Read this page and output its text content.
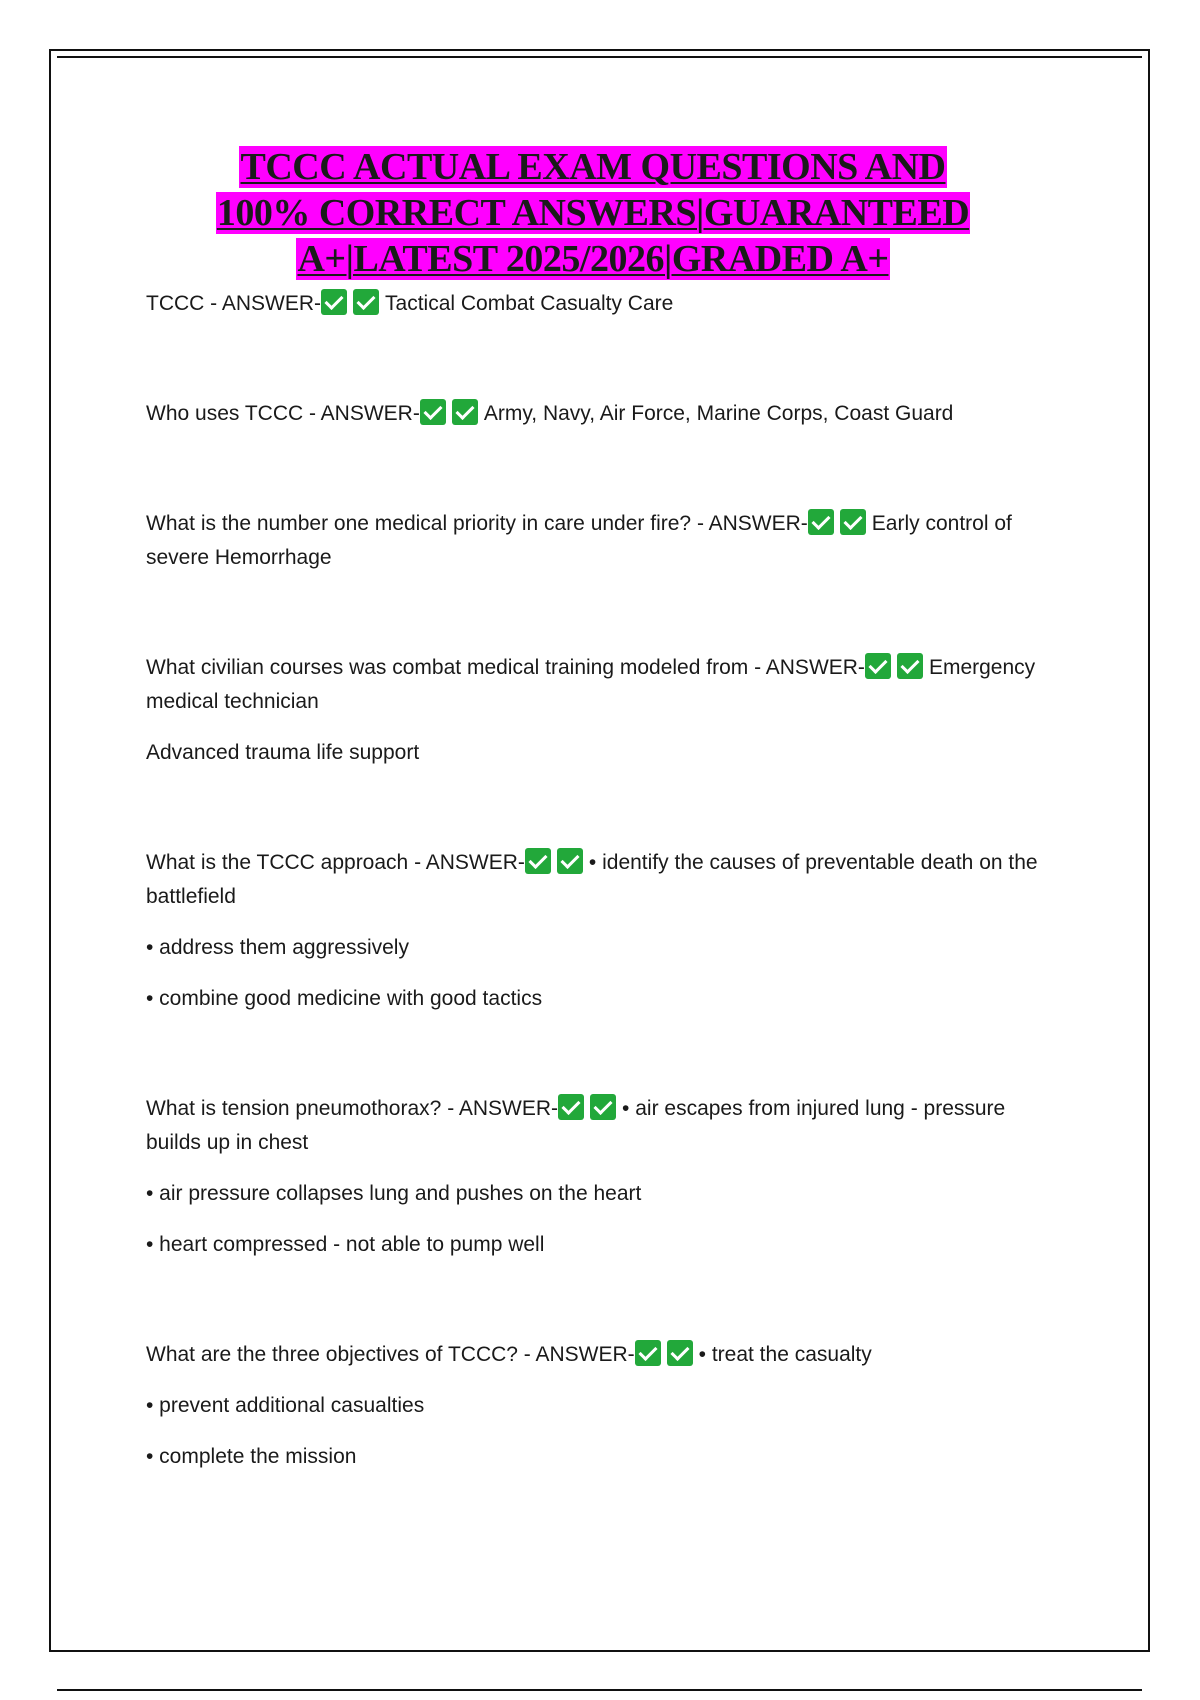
TCCC ACTUAL EXAM QUESTIONS AND
100% CORRECT ANSWERS|GUARANTEED
A+|LATEST 2025/2026|GRADED A+

TCCC - ANSWER-	Tactical Combat Casualty Care

Who uses TCCC - ANSWER-	Army, Navy, Air Force, Marine Corps, Coast Guard

What is the number one medical priority in care under fire? - ANSWER-	Early control of severe Hemorrhage

What civilian courses was combat medical training modeled from - ANSWER-	Emergency medical technician

Advanced trauma life support

What is the TCCC approach - ANSWER-	• identify the causes of preventable death on the battlefield

• address them aggressively

• combine good medicine with good tactics

What is tension pneumothorax? - ANSWER-	• air escapes from injured lung - pressure builds up in chest

• air pressure collapses lung and pushes on the heart

• heart compressed - not able to pump well

What are the three objectives of TCCC? - ANSWER-	• treat the casualty

• prevent additional casualties

• complete the mission
